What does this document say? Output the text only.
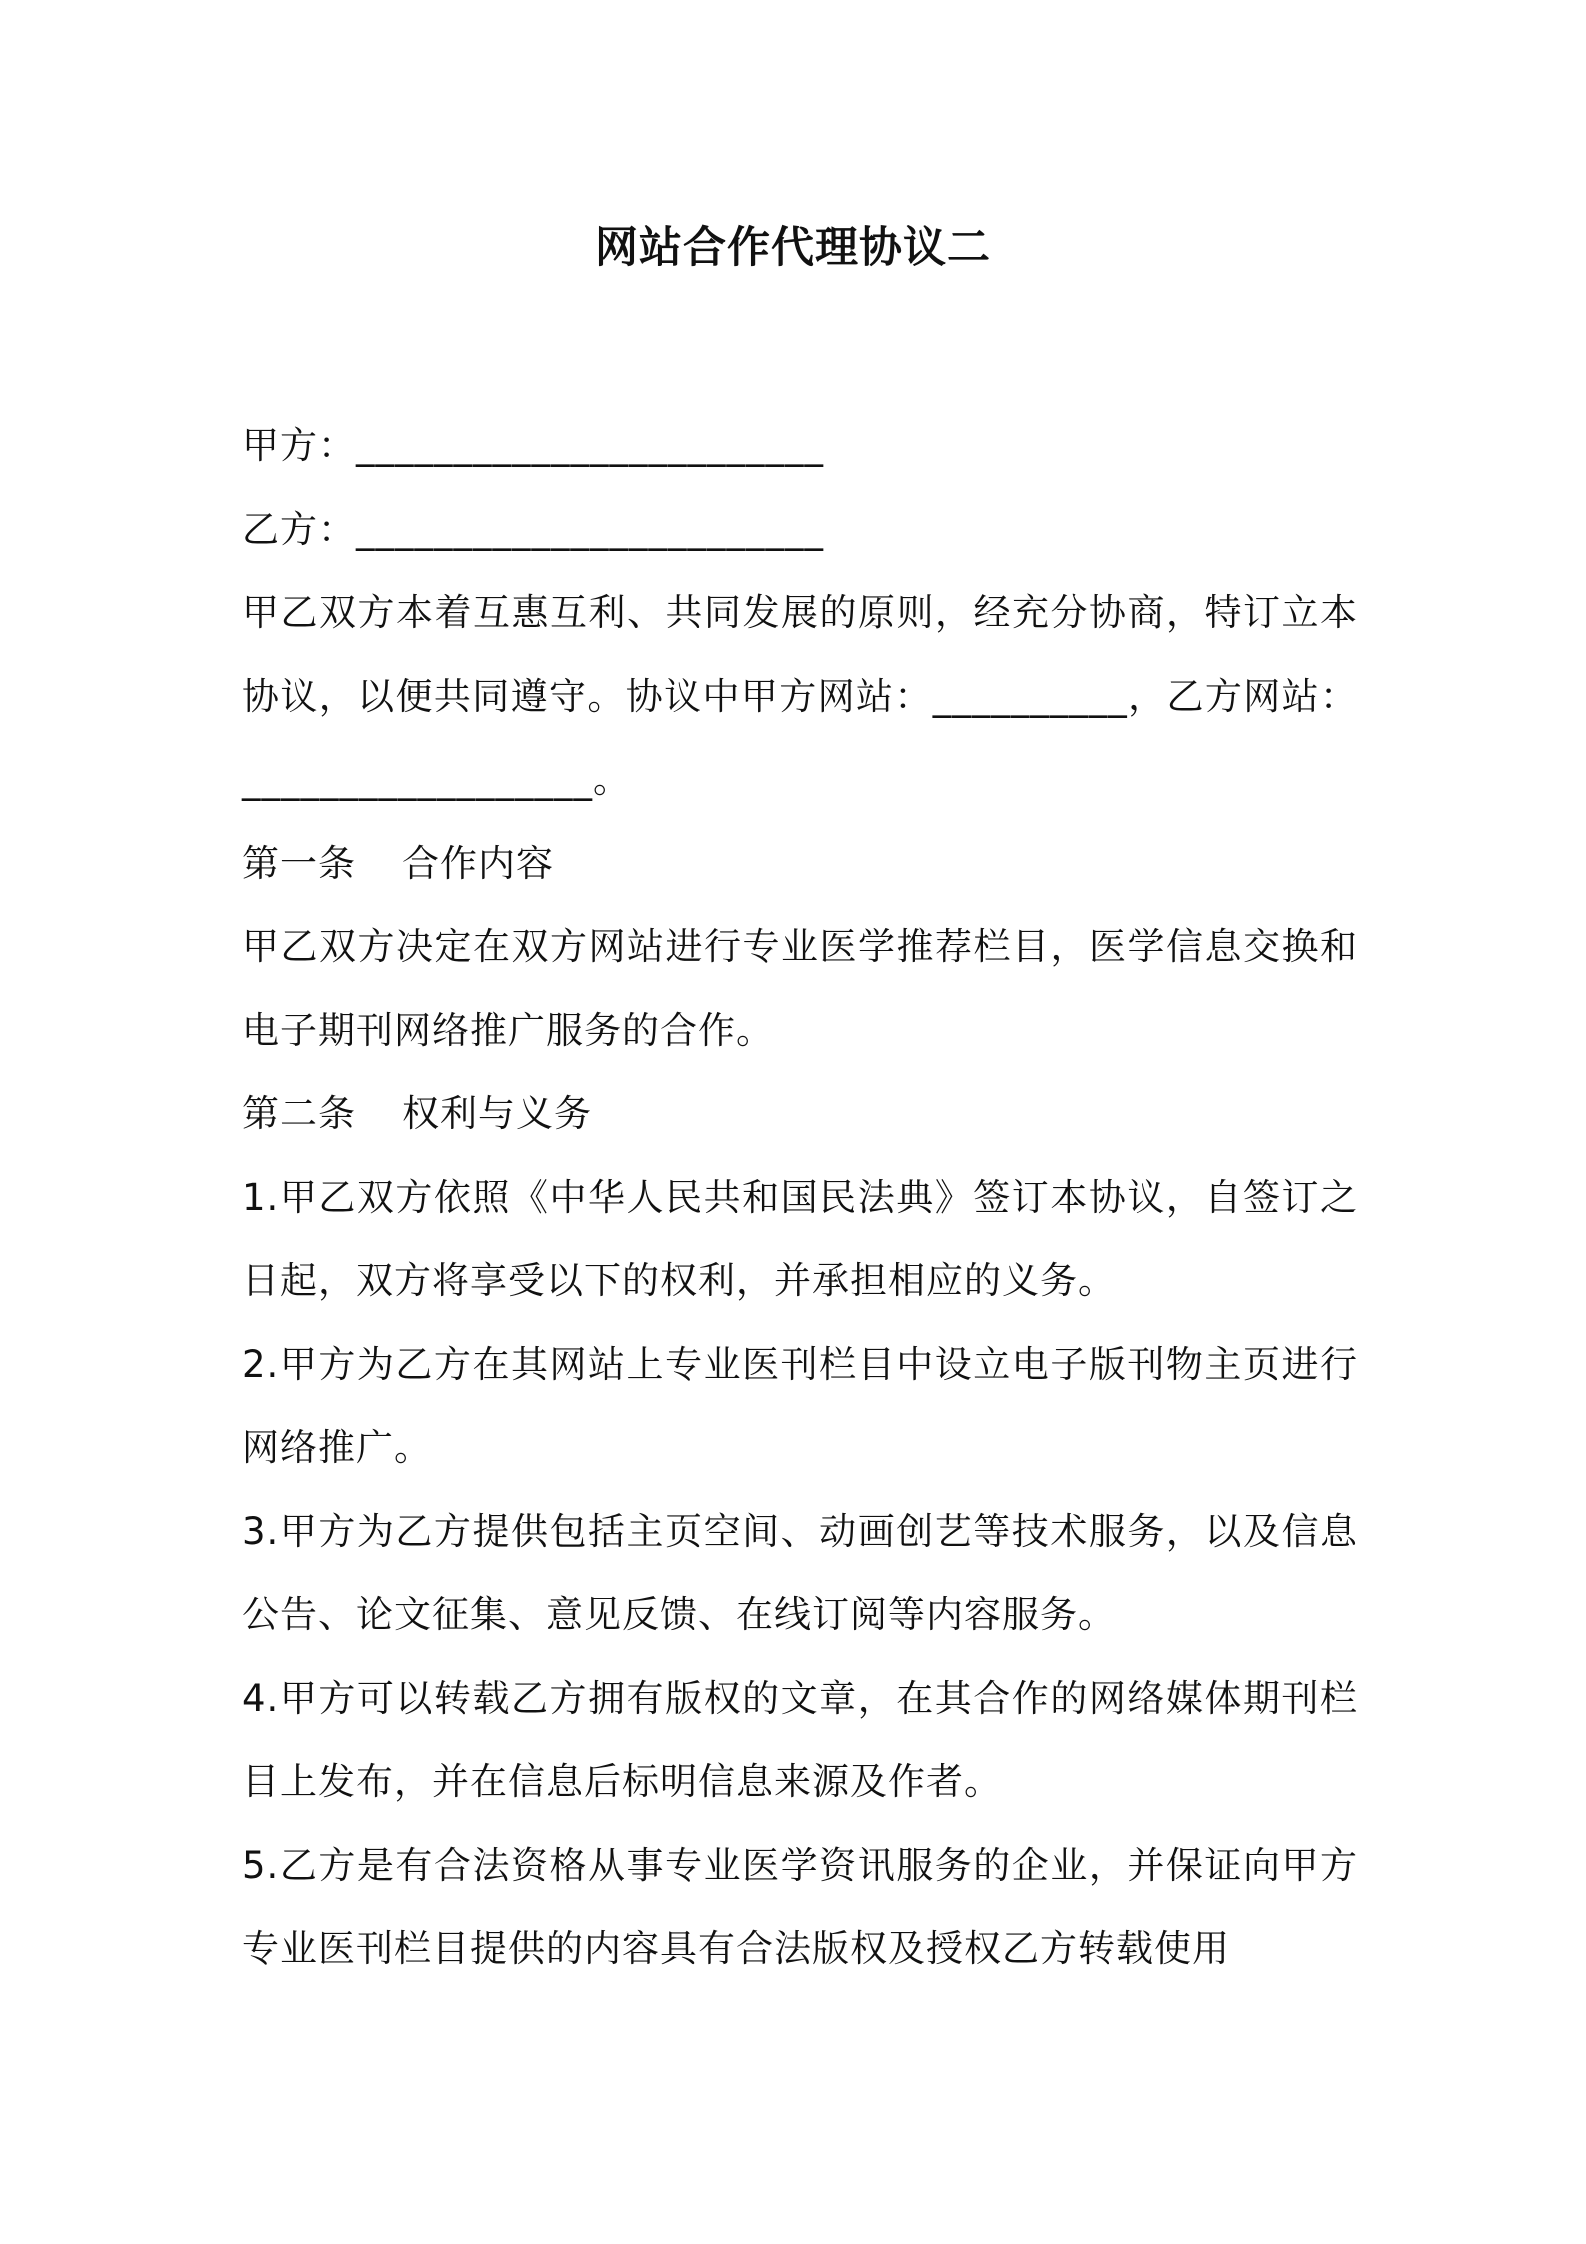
网站合作代理协议二

甲方：________________________

乙方：________________________

甲乙双方本着互惠互利、共同发展的原则，经充分协商，特订立本协议，以便共同遵守。协议中甲方网站：__________，乙方网站：__________________。

第一条 合作内容

甲乙双方决定在双方网站进行专业医学推荐栏目，医学信息交换和电子期刊网络推广服务的合作。

第二条 权利与义务

1.甲乙双方依照《中华人民共和国民法典》签订本协议，自签订之日起，双方将享受以下的权利，并承担相应的义务。

2.甲方为乙方在其网站上专业医刊栏目中设立电子版刊物主页进行网络推广。

3.甲方为乙方提供包括主页空间、动画创艺等技术服务，以及信息公告、论文征集、意见反馈、在线订阅等内容服务。

4.甲方可以转载乙方拥有版权的文章，在其合作的网络媒体期刊栏目上发布，并在信息后标明信息来源及作者。

5.乙方是有合法资格从事专业医学资讯服务的企业，并保证向甲方专业医刊栏目提供的内容具有合法版权及授权乙方转载使用
